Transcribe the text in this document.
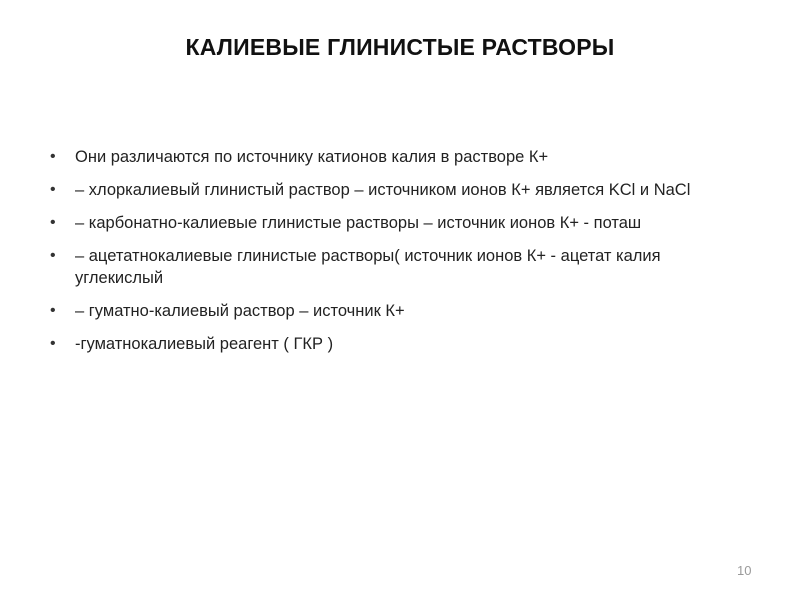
КАЛИЕВЫЕ ГЛИНИСТЫЕ РАСТВОРЫ
• Они различаются по источнику катионов калия в растворе К+
• – хлоркалиевый глинистый раствор – источником ионов К+ является KCl и NaCl
• – карбонатно-калиевые глинистые растворы – источник ионов К+ - поташ
• – ацетатнокалиевые глинистые растворы( источник ионов К+ - ацетат калия углекислый
• – гуматно-калиевый раствор – источник К+
• -гуматнокалиевый реагент ( ГКР )
10
